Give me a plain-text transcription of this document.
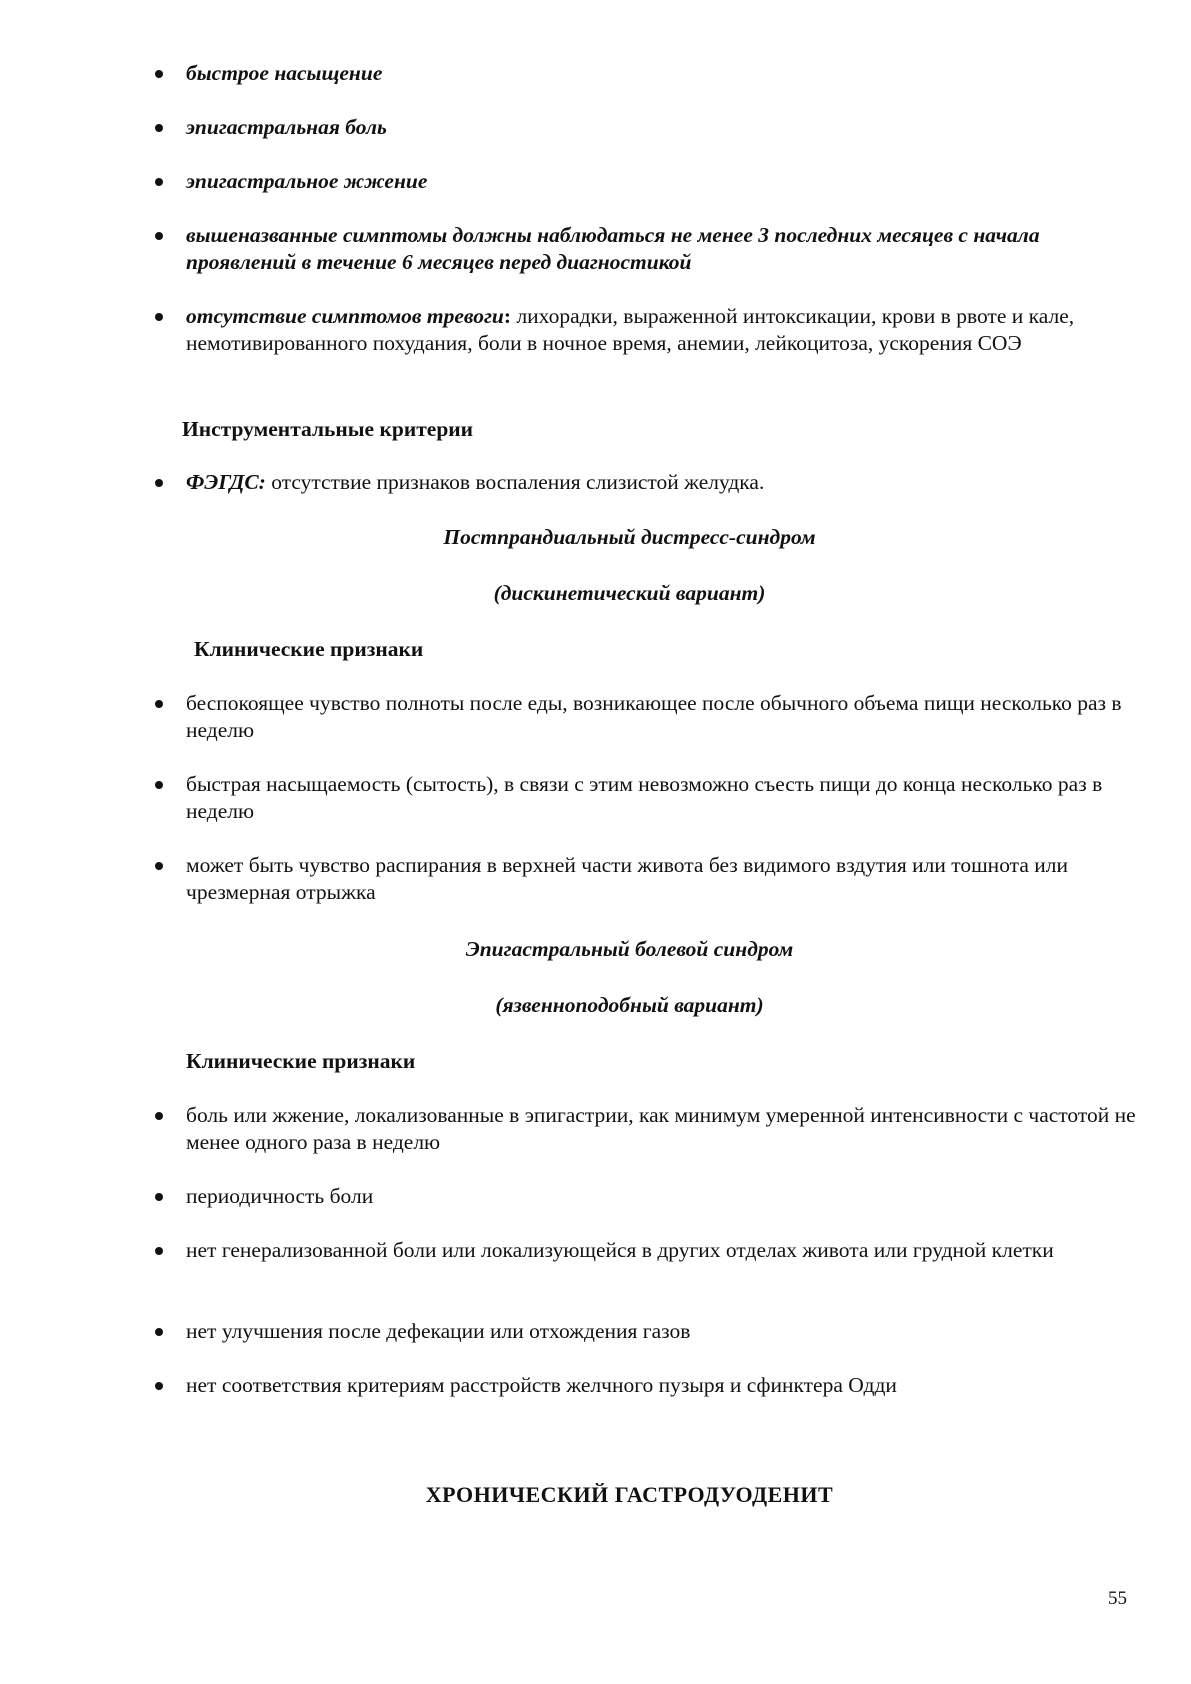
быстрое насыщение
эпигастральная боль
эпигастральное жжение
вышеназванные симптомы должны наблюдаться не менее 3 последних месяцев с начала проявлений в течение 6 месяцев перед диагностикой
отсутствие симптомов тревоги: лихорадки, выраженной интоксикации, крови в рвоте и кале, немотивированного похудания, боли в ночное время, анемии, лейкоцитоза, ускорения СОЭ
Инструментальные критерии
ФЭГДС: отсутствие признаков воспаления слизистой желудка.
Постпрандиальный дистресс-синдром
(дискинетический вариант)
Клинические признаки
беспокоящее чувство полноты после еды, возникающее после обычного объема пищи несколько раз в неделю
быстрая насыщаемость (сытость), в связи с этим невозможно съесть пищи до конца несколько раз в неделю
может быть чувство распирания в верхней части живота без видимого вздутия или тошнота или чрезмерная отрыжка
Эпигастральный болевой синдром
(язвенноподобный вариант)
Клинические признаки
боль или жжение, локализованные в эпигастрии, как минимум умеренной интенсивности с частотой не менее одного раза в неделю
периодичность боли
нет генерализованной боли или локализующейся в других отделах живота или грудной клетки
нет улучшения после дефекации или отхождения газов
нет соответствия критериям расстройств желчного пузыря и сфинктера Одди
ХРОНИЧЕСКИЙ ГАСТРОДУОДЕНИТ
55
